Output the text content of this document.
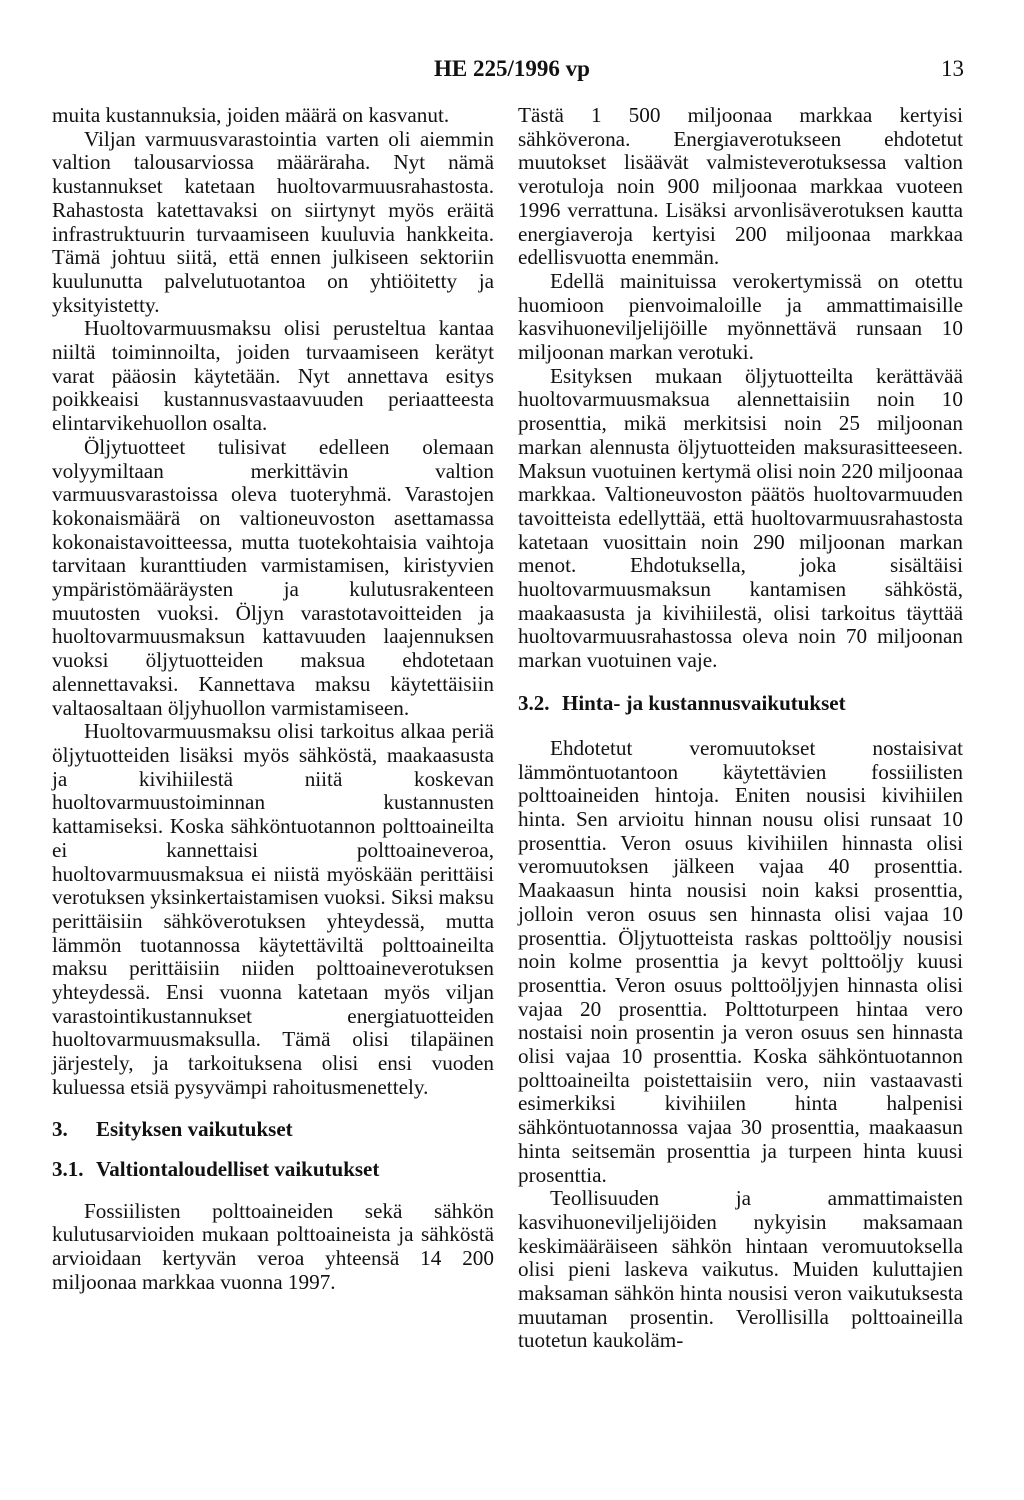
HE 225/1996 vp	13

muita kustannuksia, joiden määrä on kasvanut.

Viljan varmuusvarastointia varten oli aiemmin valtion talousarviossa määräraha. Nyt nämä kustannukset katetaan huoltovarmuusrahastosta. Rahastosta katettavaksi on siirtynyt myös eräitä infrastruktuurin turvaamiseen kuuluvia hankkeita. Tämä johtuu siitä, että ennen julkiseen sektoriin kuulunutta palvelutuotantoa on yhtiöitetty ja yksityistetty.

Huoltovarmuusmaksu olisi perusteltua kantaa niiltä toiminnoilta, joiden turvaamiseen kerätyt varat pääosin käytetään. Nyt annettava esitys poikkeaisi kustannusvastaavuuden periaatteesta elintarvikehuollon osalta.

Öljytuotteet tulisivat edelleen olemaan volyymiltaan merkittävin valtion varmuusvarastoissa oleva tuoteryhmä. Varastojen kokonaismäärä on valtioneuvoston asettamassa kokonaistavoitteessa, mutta tuotekohtaisia vaihtoja tarvitaan kuranttiuden varmistamisen, kiristyvien ympäristömääräysten ja kulutusrakenteen muutosten vuoksi. Öljyn varastotavoitteiden ja huoltovarmuusmaksun kattavuuden laajennuksen vuoksi öljytuotteiden maksua ehdotetaan alennettavaksi. Kannettava maksu käytettäisiin valtaosaltaan öljyhuollon varmistamiseen.

Huoltovarmuusmaksu olisi tarkoitus alkaa periä öljytuotteiden lisäksi myös sähköstä, maakaasusta ja kivihiilestä niitä koskevan huoltovarmuustoiminnan kustannusten kattamiseksi. Koska sähköntuotannon polttoaineilta ei kannettaisi polttoaineveroa, huoltovarmuusmaksua ei niistä myöskään perittäisi verotuksen yksinkertaistamisen vuoksi. Siksi maksu perittäisiin sähköverotuksen yhteydessä, mutta lämmön tuotannossa käytettäviltä polttoaineilta maksu perittäisiin niiden polttoaineverotuksen yhteydessä. Ensi vuonna katetaan myös viljan varastointikustannukset energiatuotteiden huoltovarmuusmaksulla. Tämä olisi tilapäinen järjestely, ja tarkoituksena olisi ensi vuoden kuluessa etsiä pysyvämpi rahoitusmenettely.

3. Esityksen vaikutukset
3.1. Valtiontaloudelliset vaikutukset

Fossiilisten polttoaineiden sekä sähkön kulutusarvioiden mukaan polttoaineista ja sähköstä arvioidaan kertyvän veroa yhteensä 14 200 miljoonaa markkaa vuonna 1997.

Tästä 1 500 miljoonaa markkaa kertyisi sähköverona. Energiaverotukseen ehdotetut muutokset lisäävät valmisteverotuksessa valtion verotuloja noin 900 miljoonaa markkaa vuoteen 1996 verrattuna. Lisäksi arvonlisäverotuksen kautta energiaveroja kertyisi 200 miljoonaa markkaa edellisvuotta enemmän.

Edellä mainituissa verokertymissä on otettu huomioon pienvoimaloille ja ammattimaisille kasvihuoneviljelijöille myönnettävä runsaan 10 miljoonan markan verotuki.

Esityksen mukaan öljytuotteilta kerättävää huoltovarmuusmaksua alennettaisiin noin 10 prosenttia, mikä merkitsisi noin 25 miljoonan markan alennusta öljytuotteiden maksurasitteeseen. Maksun vuotuinen kertymä olisi noin 220 miljoonaa markkaa. Valtioneuvoston päätös huoltovarmuuden tavoitteista edellyttää, että huoltovarmuusrahastosta katetaan vuosittain noin 290 miljoonan markan menot. Ehdotuksella, joka sisältäisi huoltovarmuusmaksun kantamisen sähköstä, maakaasusta ja kivihiilestä, olisi tarkoitus täyttää huoltovarmuusrahastossa oleva noin 70 miljoonan markan vuotuinen vaje.

3.2. Hinta- ja kustannusvaikutukset

Ehdotetut veromuutokset nostaisivat lämmöntuotantoon käytettävien fossiilisten polttoaineiden hintoja. Eniten nousisi kivihiilen hinta. Sen arvioitu hinnan nousu olisi runsaat 10 prosenttia. Veron osuus kivihiilen hinnasta olisi veromuutoksen jälkeen vajaa 40 prosenttia. Maakaasun hinta nousisi noin kaksi prosenttia, jolloin veron osuus sen hinnasta olisi vajaa 10 prosenttia. Öljytuotteista raskas polttoöljy nousisi noin kolme prosenttia ja kevyt polttoöljy kuusi prosenttia. Veron osuus polttoöljyjen hinnasta olisi vajaa 20 prosenttia. Polttoturpeen hintaa vero nostaisi noin prosentin ja veron osuus sen hinnasta olisi vajaa 10 prosenttia. Koska sähköntuotannon polttoaineilta poistettaisiin vero, niin vastaavasti esimerkiksi kivihiilen hinta halpenisi sähköntuotannossa vajaa 30 prosenttia, maakaasun hinta seitsemän prosenttia ja turpeen hinta kuusi prosenttia.

Teollisuuden ja ammattimaisten kasvihuoneviljelijöiden nykyisin maksamaan keskimääräiseen sähkön hintaan veromuutoksella olisi pieni laskeva vaikutus. Muiden kuluttajien maksaman sähkön hinta nousisi veron vaikutuksesta muutaman prosentin. Verollisilla polttoaineilla tuotetun kaukoläm-
